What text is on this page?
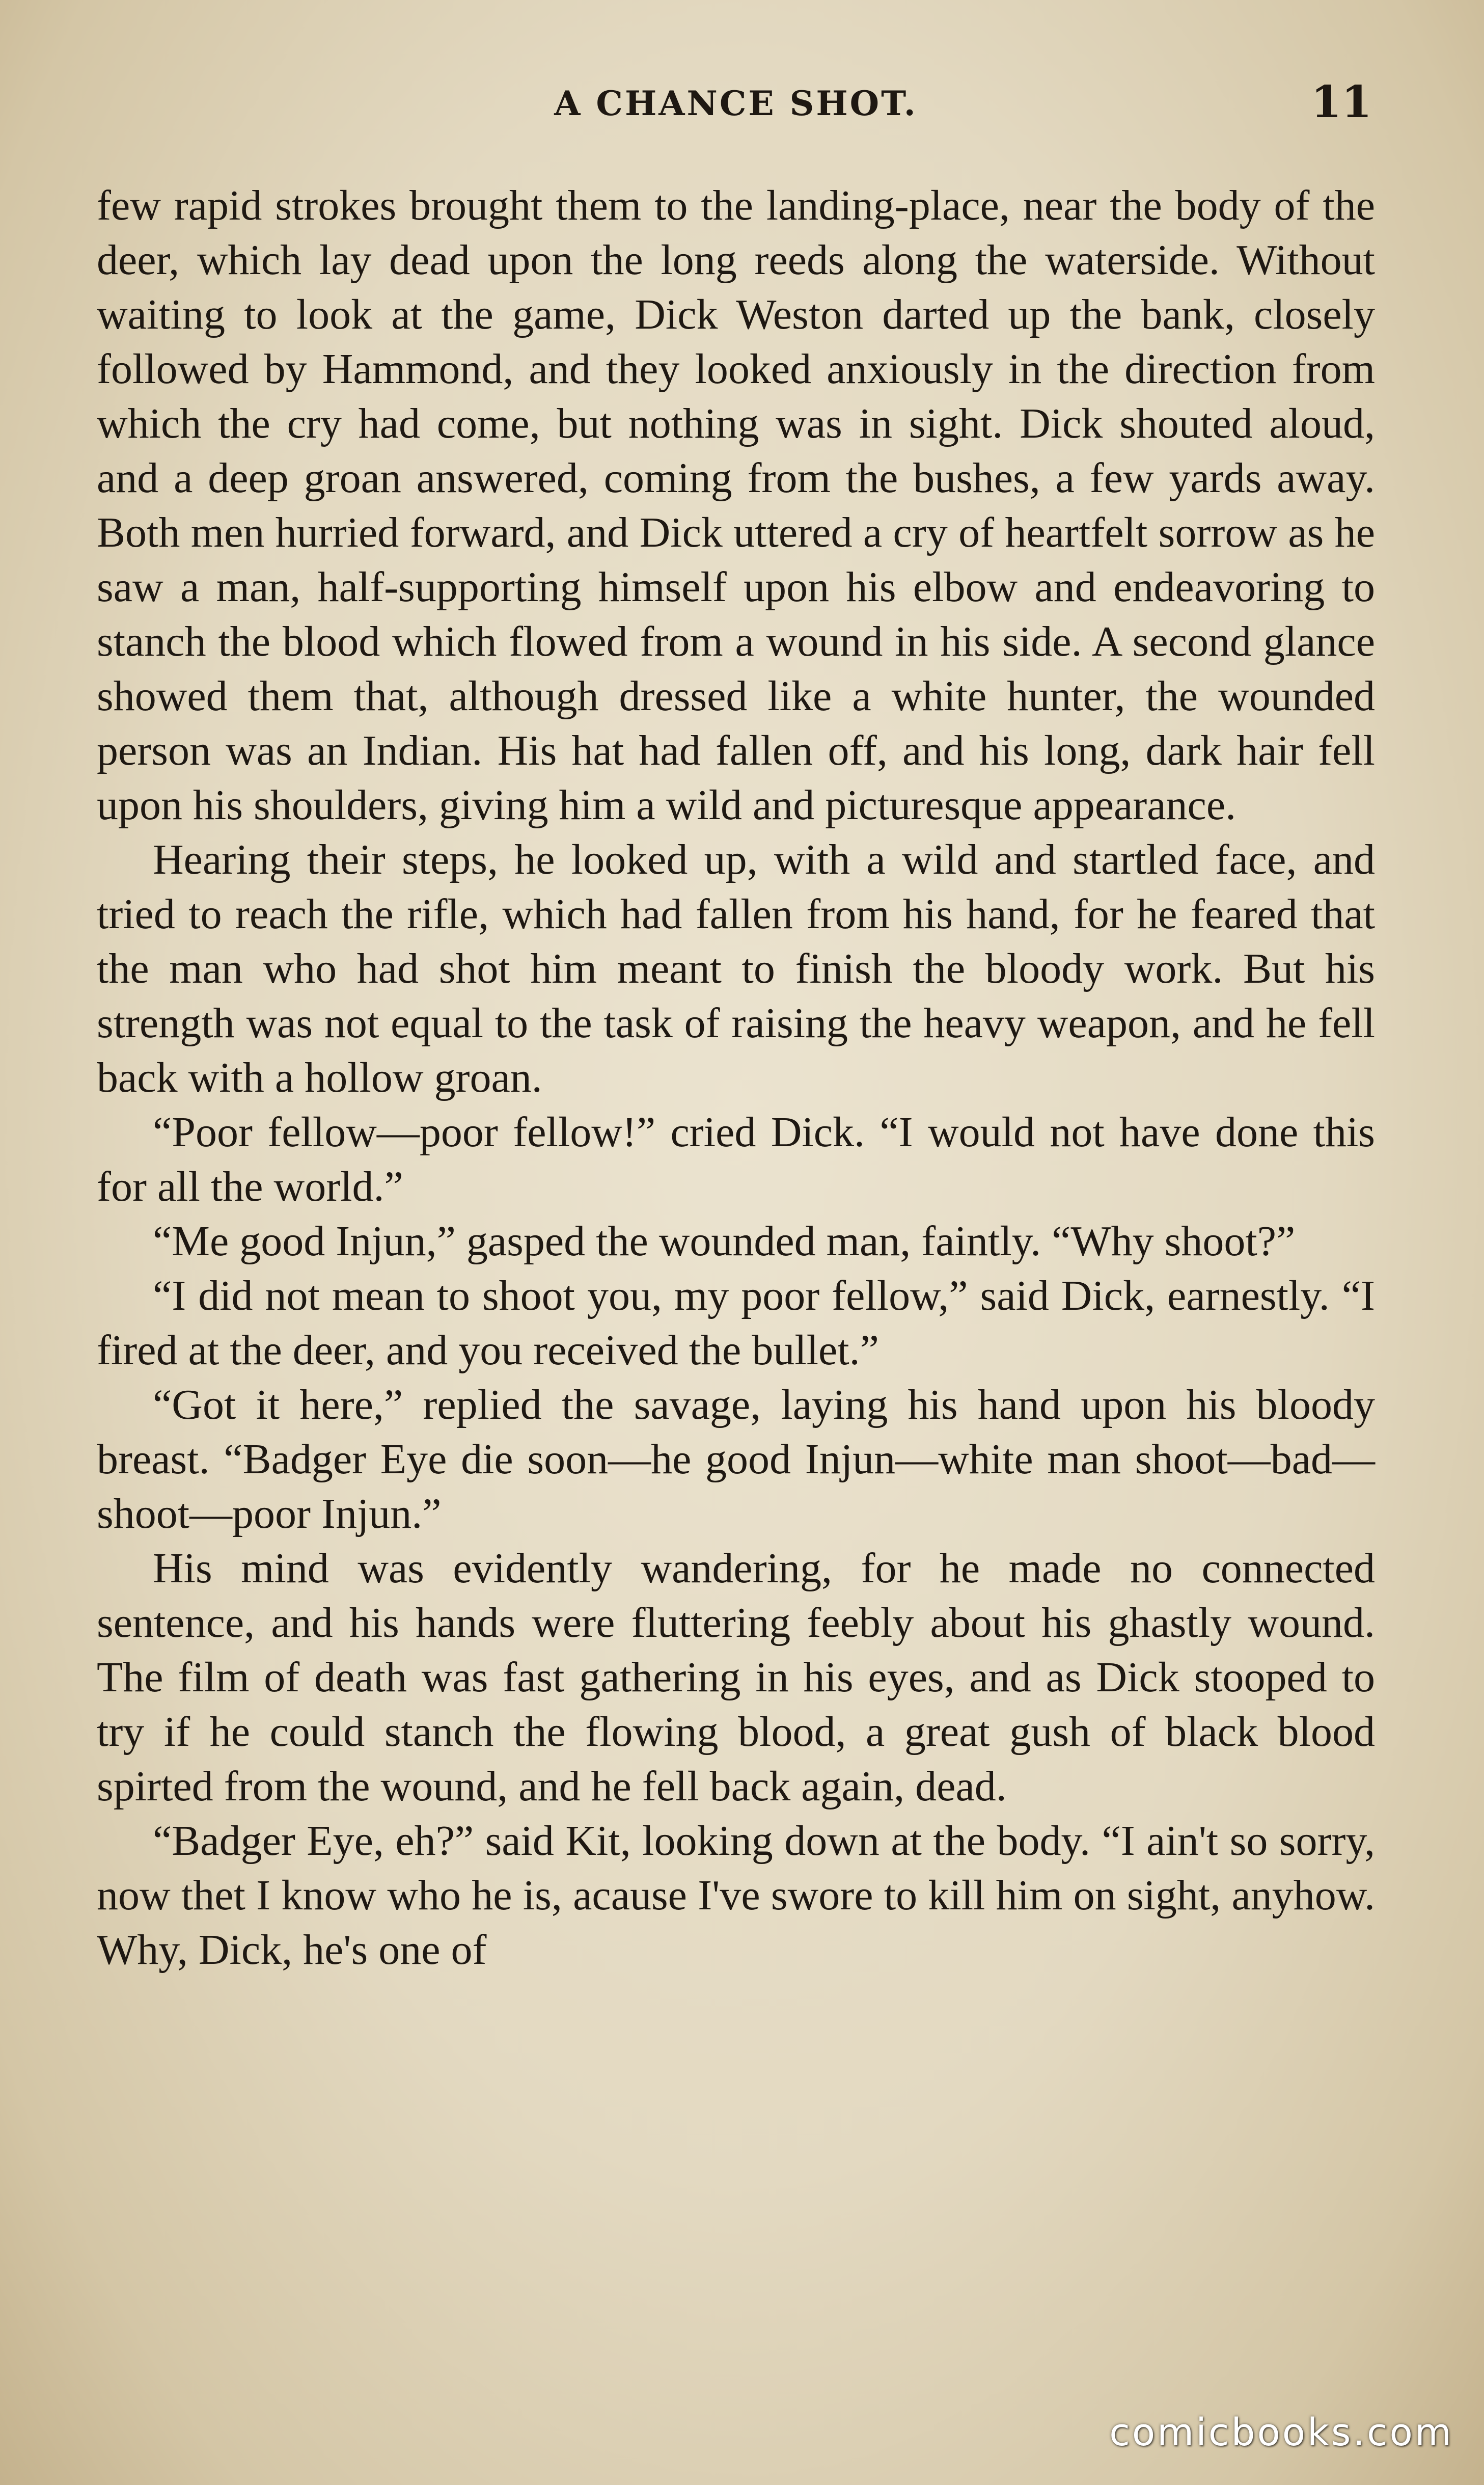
A CHANCE SHOT.	11

few rapid strokes brought them to the landing-place, near the body of the deer, which lay dead upon the long reeds along the waterside. Without waiting to look at the game, Dick Weston darted up the bank, closely followed by Hammond, and they looked anxiously in the direction from which the cry had come, but nothing was in sight. Dick shouted aloud, and a deep groan answered, coming from the bushes, a few yards away. Both men hurried forward, and Dick uttered a cry of heartfelt sorrow as he saw a man, half-supporting himself upon his elbow and endeavoring to stanch the blood which flowed from a wound in his side. A second glance showed them that, although dressed like a white hunter, the wounded person was an Indian. His hat had fallen off, and his long, dark hair fell upon his shoulders, giving him a wild and picturesque appearance.

Hearing their steps, he looked up, with a wild and startled face, and tried to reach the rifle, which had fallen from his hand, for he feared that the man who had shot him meant to finish the bloody work. But his strength was not equal to the task of raising the heavy weapon, and he fell back with a hollow groan.

“Poor fellow—poor fellow!” cried Dick. “I would not have done this for all the world.”

“Me good Injun,” gasped the wounded man, faintly. “Why shoot?”

“I did not mean to shoot you, my poor fellow,” said Dick, earnestly. “I fired at the deer, and you received the bullet.”

“Got it here,” replied the savage, laying his hand upon his bloody breast. “Badger Eye die soon—he good Injun—white man shoot—bad—shoot—poor Injun.”

His mind was evidently wandering, for he made no connected sentence, and his hands were fluttering feebly about his ghastly wound. The film of death was fast gathering in his eyes, and as Dick stooped to try if he could stanch the flowing blood, a great gush of black blood spirted from the wound, and he fell back again, dead.

“Badger Eye, eh?” said Kit, looking down at the body. “I ain't so sorry, now thet I know who he is, acause I've swore to kill him on sight, anyhow. Why, Dick, he's one of

comicbooks.com
